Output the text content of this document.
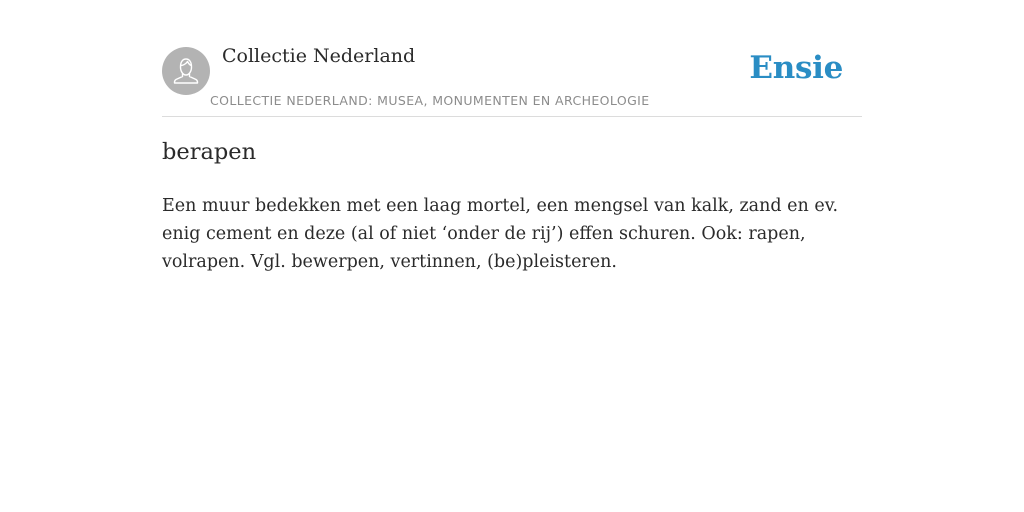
Collectie Nederland
COLLECTIE NEDERLAND: MUSEA, MONUMENTEN EN ARCHEOLOGIE
Ensie
berapen

Een muur bedekken met een laag mortel, een mengsel van kalk, zand en ev. enig cement en deze (al of niet ‘onder de rij’) effen schuren. Ook: rapen, volrapen. Vgl. bewerpen, vertinnen, (be)pleisteren.
